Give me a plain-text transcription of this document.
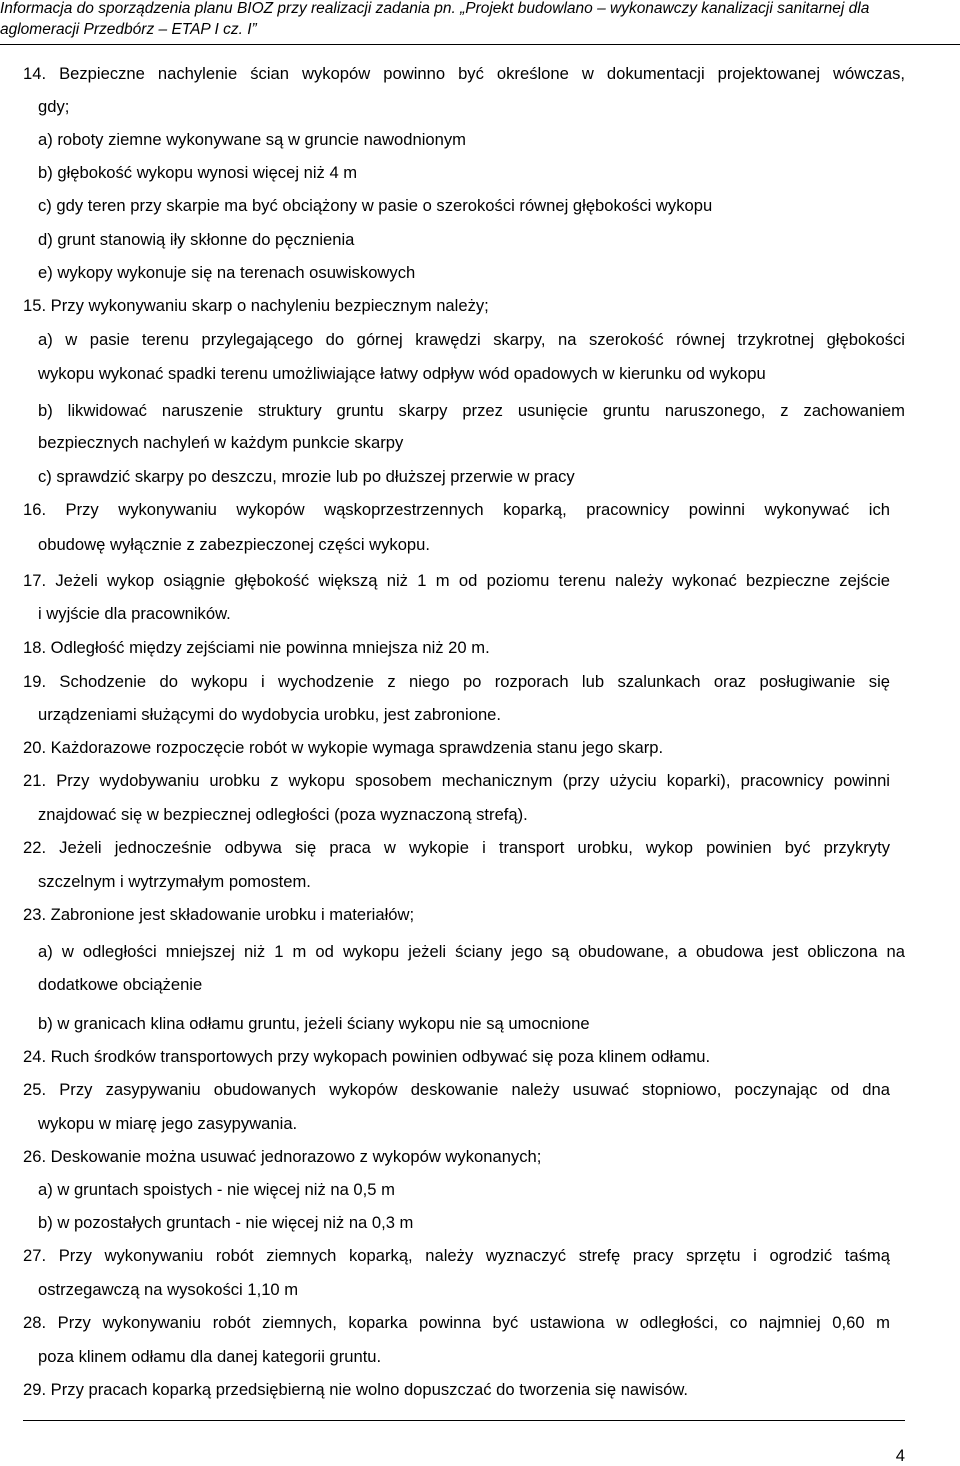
Informacja do sporządzenia planu BIOZ przy realizacji zadania pn. „Projekt budowlano – wykonawczy kanalizacji sanitarnej dla
aglomeracji Przedbórz – ETAP I cz. I”
14. Bezpieczne nachylenie ścian wykopów powinno być określone w dokumentacji projektowanej wówczas,
gdy;
a) roboty ziemne wykonywane są w gruncie nawodnionym
b) głębokość wykopu wynosi więcej niż 4 m
c) gdy teren przy skarpie ma być obciążony w pasie o szerokości równej głębokości wykopu
d) grunt stanowią iły skłonne do pęcznienia
e) wykopy wykonuje się na terenach osuwiskowych
15. Przy wykonywaniu skarp o nachyleniu bezpiecznym należy;
a) w pasie terenu przylegającego do górnej krawędzi skarpy, na szerokość równej trzykrotnej głębokości
wykopu wykonać spadki terenu umożliwiające łatwy odpływ wód opadowych w kierunku od wykopu
b) likwidować naruszenie struktury gruntu skarpy przez usunięcie gruntu naruszonego, z zachowaniem
bezpiecznych nachyleń w każdym punkcie skarpy
c) sprawdzić skarpy po deszczu, mrozie lub po dłuższej przerwie w pracy
16. Przy wykonywaniu wykopów wąskoprzestrzennych koparką, pracownicy powinni wykonywać ich
obudowę wyłącznie z zabezpieczonej części wykopu.
17. Jeżeli wykop osiągnie głębokość większą niż 1 m od poziomu terenu należy wykonać bezpieczne zejście
i wyjście dla pracowników.
18. Odległość między zejściami nie powinna mniejsza niż 20 m.
19. Schodzenie do wykopu i wychodzenie z niego po rozporach lub szalunkach oraz posługiwanie się
urządzeniami służącymi do wydobycia urobku, jest zabronione.
20. Każdorazowe rozpoczęcie robót w wykopie wymaga sprawdzenia stanu jego skarp.
21. Przy wydobywaniu urobku z wykopu sposobem mechanicznym (przy użyciu koparki), pracownicy powinni
znajdować się w bezpiecznej odległości (poza wyznaczoną strefą).
22. Jeżeli jednocześnie odbywa się praca w wykopie i transport urobku, wykop powinien być przykryty
szczelnym i wytrzymałym pomostem.
23. Zabronione jest składowanie urobku i materiałów;
a) w odległości mniejszej niż 1 m od wykopu jeżeli ściany jego są obudowane, a obudowa jest obliczona na
dodatkowe obciążenie
b) w granicach klina odłamu gruntu, jeżeli ściany wykopu nie są umocnione
24. Ruch środków transportowych przy wykopach powinien odbywać się poza klinem odłamu.
25. Przy zasypywaniu obudowanych wykopów deskowanie należy usuwać stopniowo, poczynając od dna
wykopu w miarę jego zasypywania.
26. Deskowanie można usuwać jednorazowo z wykopów wykonanych;
a) w gruntach spoistych - nie więcej niż na 0,5 m
b) w pozostałych gruntach - nie więcej niż na 0,3 m
27. Przy wykonywaniu robót ziemnych koparką, należy wyznaczyć strefę pracy sprzętu i ogrodzić taśmą
ostrzegawczą na wysokości 1,10 m
28. Przy wykonywaniu robót ziemnych, koparka powinna być ustawiona w odległości, co najmniej 0,60 m
poza klinem odłamu dla danej kategorii gruntu.
29. Przy pracach koparką przedsiębierną nie wolno dopuszczać do tworzenia się nawisów.
4
